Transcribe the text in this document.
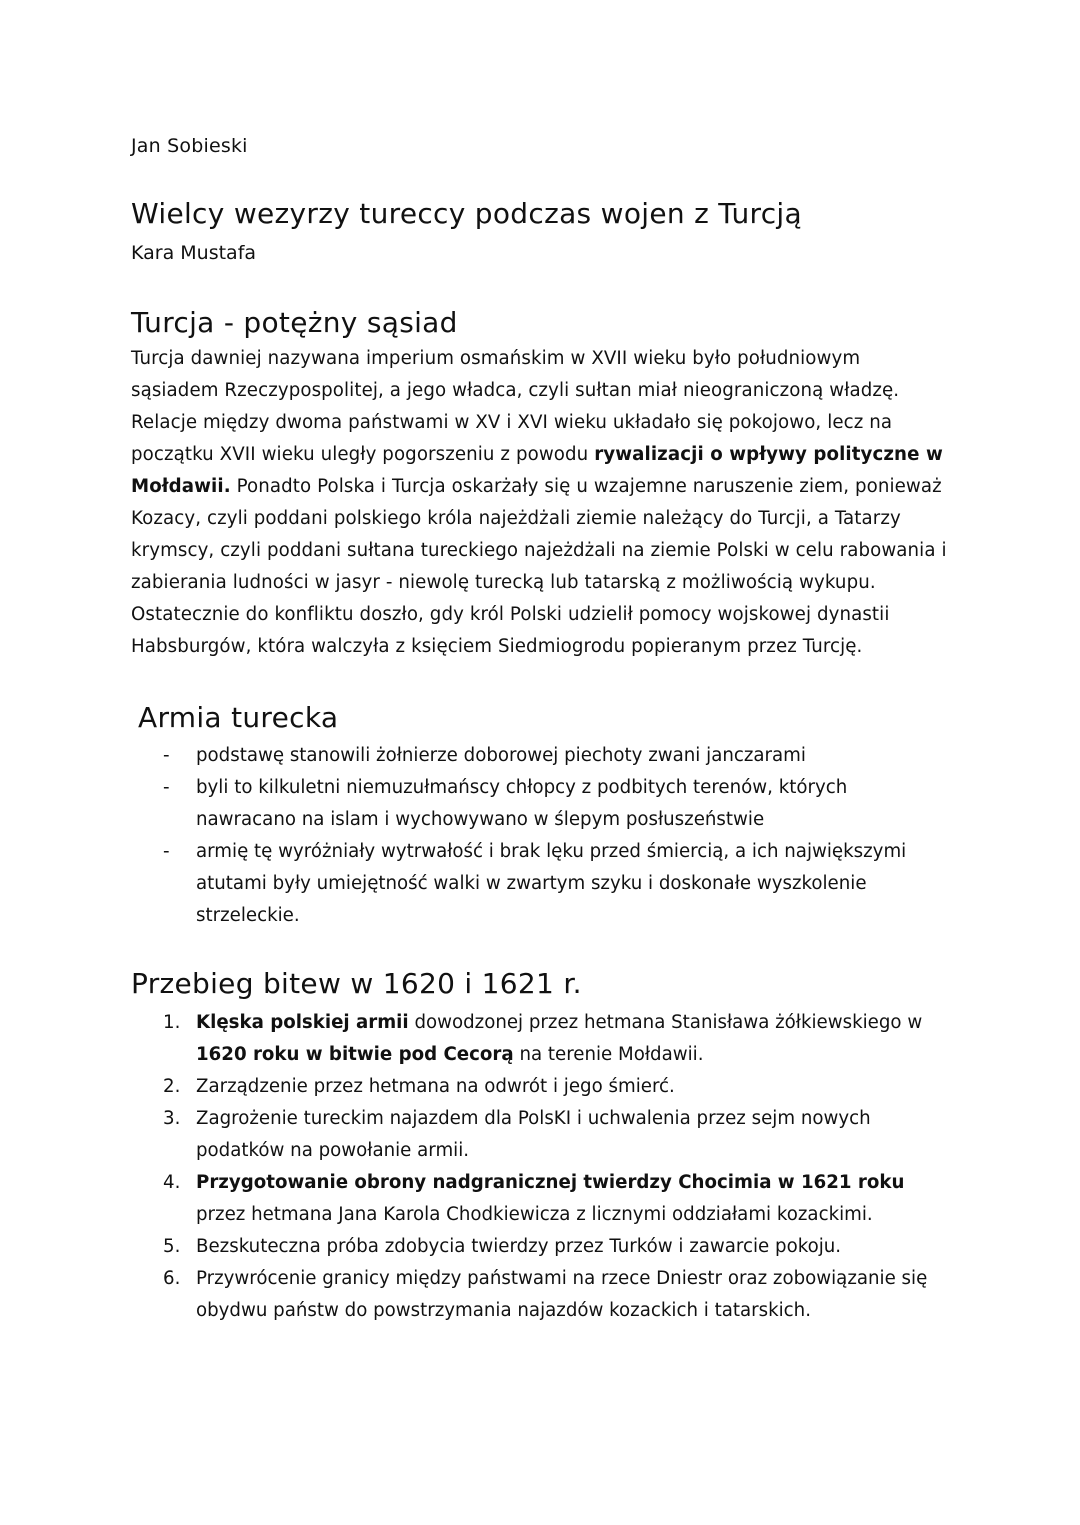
Jan Sobieski
Wielcy wezyrzy tureccy podczas wojen z Turcją
Kara Mustafa
Turcja - potężny sąsiad

Turcja dawniej nazywana imperium osmańskim w XVII wieku było południowym sąsiadem Rzeczypospolitej, a jego władca, czyli sułtan miał nieograniczoną władzę. Relacje między dwoma państwami w XV i XVI wieku układało się pokojowo, lecz na początku XVII wieku uległy pogorszeniu z powodu rywalizacji o wpływy polityczne w Mołdawii. Ponadto Polska i Turcja oskarżały się u wzajemne naruszenie ziem, ponieważ Kozacy, czyli poddani polskiego króla najeżdżali ziemie należący do Turcji, a Tatarzy krymscy, czyli poddani sułtana tureckiego najeżdżali na ziemie Polski w celu rabowania i zabierania ludności w jasyr - niewolę turecką lub tatarską z możliwością wykupu. Ostatecznie do konfliktu doszło, gdy król Polski udzielił pomocy wojskowej dynastii Habsburgów, która walczyła z księciem Siedmiogrodu popieranym przez Turcję.

Armia turecka
- podstawę stanowili żołnierze doborowej piechoty zwani janczarami
- byli to kilkuletni niemuzułmańscy chłopcy z podbitych terenów, których nawracano na islam i wychowywano w ślepym posłuszeństwie
- armię tę wyróżniały wytrwałość i brak lęku przed śmiercią, a ich największymi atutami były umiejętność walki w zwartym szyku i doskonałe wyszkolenie strzeleckie.
Przebieg bitew w 1620 i 1621 r.
1. Klęska polskiej armii dowodzonej przez hetmana Stanisława żółkiewskiego w 1620 roku w bitwie pod Cecorą na terenie Mołdawii.
2. Zarządzenie przez hetmana na odwrót i jego śmierć.
3. Zagrożenie tureckim najazdem dla PolsKI i uchwalenia przez sejm nowych podatków na powołanie armii.
4. Przygotowanie obrony nadgranicznej twierdzy Chocimia w 1621 roku przez hetmana Jana Karola Chodkiewicza z licznymi oddziałami kozackimi.
5. Bezskuteczna próba zdobycia twierdzy przez Turków i zawarcie pokoju.
6. Przywrócenie granicy między państwami na rzece Dniestr oraz zobowiązanie się obydwu państw do powstrzymania najazdów kozackich i tatarskich.
